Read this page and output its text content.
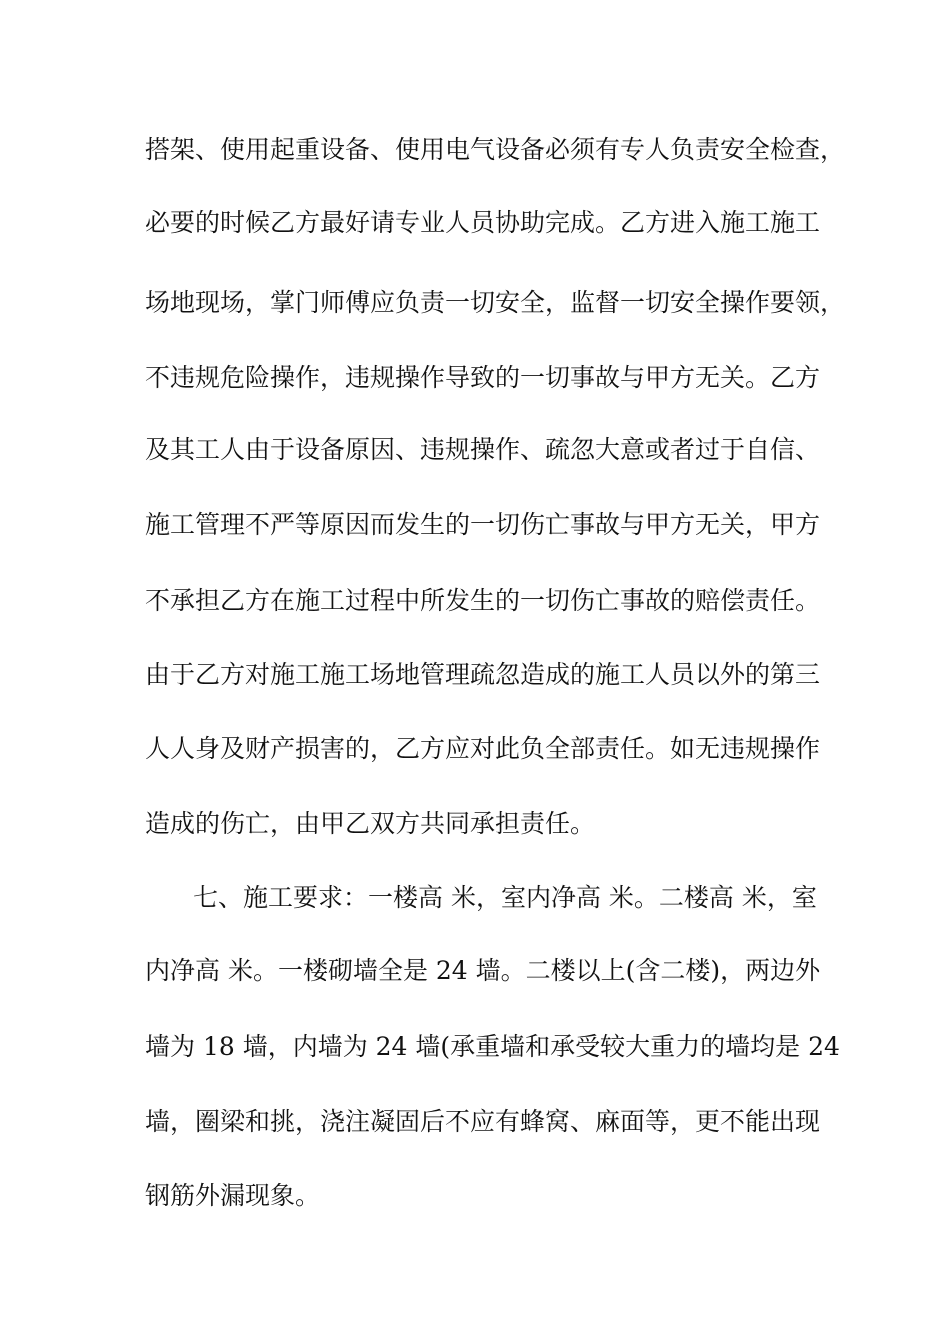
搭架、使用起重设备、使用电气设备必须有专人负责安全检查，
必要的时候乙方最好请专业人员协助完成。乙方进入施工施工
场地现场，掌门师傅应负责一切安全，监督一切安全操作要领，
不违规危险操作，违规操作导致的一切事故与甲方无关。乙方
及其工人由于设备原因、违规操作、疏忽大意或者过于自信、
施工管理不严等原因而发生的一切伤亡事故与甲方无关，甲方
不承担乙方在施工过程中所发生的一切伤亡事故的赔偿责任。
由于乙方对施工施工场地管理疏忽造成的施工人员以外的第三
人人身及财产损害的，乙方应对此负全部责任。如无违规操作
造成的伤亡，由甲乙双方共同承担责任。
七、施工要求：一楼高 米，室内净高 米。二楼高 米，室
内净高 米。一楼砌墙全是 24 墙。二楼以上(含二楼)，两边外
墙为 18 墙，内墙为 24 墙(承重墙和承受较大重力的墙均是 24
墙，圈梁和挑，浇注凝固后不应有蜂窝、麻面等，更不能出现
钢筋外漏现象。
